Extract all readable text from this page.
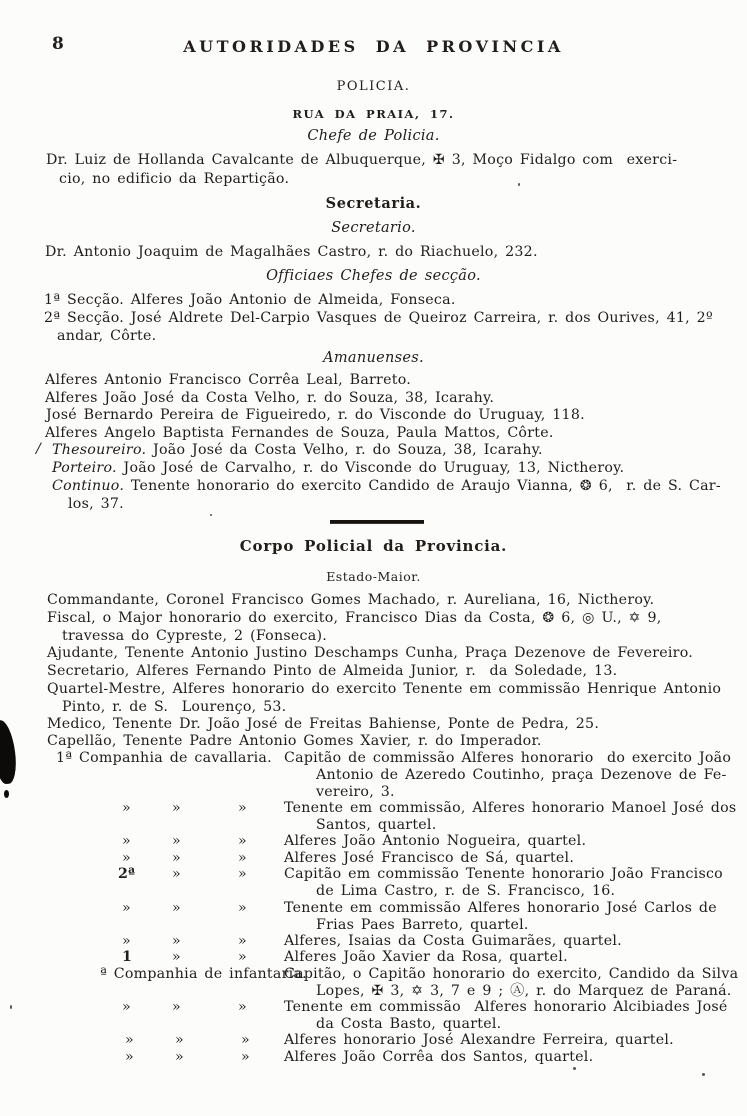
8	AUTORIDADES DA PROVINCIA
POLICIA.
RUA DA PRAIA, 17.
Chefe de Policia.
Dr. Luiz de Hollanda Cavalcante de Albuquerque, ✠ 3, Moço Fidalgo com  exerci-
cio, no edificio da Repartição.
Secretaria.
Secretario.
Dr. Antonio Joaquim de Magalhães Castro, r. do Riachuelo, 232.
Officiaes Chefes de secção.
1ª Secção. Alferes João Antonio de Almeida, Fonseca.
2ª Secção. José Aldrete Del-Carpio Vasques de Queiroz Carreira, r. dos Ourives, 41, 2º
andar, Côrte.
Amanuenses.
Alferes Antonio Francisco Corrêa Leal, Barreto.
Alferes João José da Costa Velho, r. do Souza, 38, Icarahy.
José Bernardo Pereira de Figueiredo, r. do Visconde do Uruguay, 118.
Alferes Angelo Baptista Fernandes de Souza, Paula Mattos, Côrte.
/ Thesoureiro. João José da Costa Velho, r. do Souza, 38, Icarahy.
Porteiro. João José de Carvalho, r. do Visconde do Uruguay, 13, Nictheroy.
Continuo. Tenente honorario do exercito Candido de Araujo Vianna, ❂ 6,  r. de S. Car-
los, 37.
Corpo Policial da Provincia.
Estado-Maior.
Commandante, Coronel Francisco Gomes Machado, r. Aureliana, 16, Nictheroy.
Fiscal, o Major honorario do exercito, Francisco Dias da Costa, ❂ 6, ◎ U., ✡ 9,
travessa do Cypreste, 2 (Fonseca).
Ajudante, Tenente Antonio Justino Deschamps Cunha, Praça Dezenove de Fevereiro.
Secretario, Alferes Fernando Pinto de Almeida Junior, r.  da Soledade, 13.
Quartel-Mestre, Alferes honorario do exercito Tenente em commissão Henrique Antonio
Pinto, r. de S.  Lourenço, 53.
Medico, Tenente Dr. João José de Freitas Bahiense, Ponte de Pedra, 25.
Capellão, Tenente Padre Antonio Gomes Xavier, r. do Imperador.
1ª Companhia de cavallaria. Capitão de commissão Alferes honorario  do exercito João
Antonio de Azeredo Coutinho, praça Dezenove de Fe-
vereiro, 3.
»	»	»	Tenente em commissão, Alferes honorario Manoel José dos
Santos, quartel.
»	»	»	Alferes João Antonio Nogueira, quartel.
»	»	»	Alferes José Francisco de Sá, quartel.
2ª	»	»	Capitão em commissão Tenente honorario João Francisco
de Lima Castro, r. de S. Francisco, 16.
»	»	»	Tenente em commissão Alferes honorario José Carlos de
Frias Paes Barreto, quartel.
»	»	»	Alferes, Isaias da Costa Guimarães, quartel.
1	»	»	Alferes João Xavier da Rosa, quartel.
ª Companhia de infantaria.
Capitão, o Capitão honorario do exercito, Candido da Silva
Lopes, ✠ 3, ✡ 3, 7 e 9 ; Ⓐ, r. do Marquez de Paraná.
»	»	»	Tenente em commissão  Alferes honorario Alcibiades José
da Costa Basto, quartel.
»	»	» Alferes honorario José Alexandre Ferreira, quartel.
»	»	» Alferes João Corrêa dos Santos, quartel.
